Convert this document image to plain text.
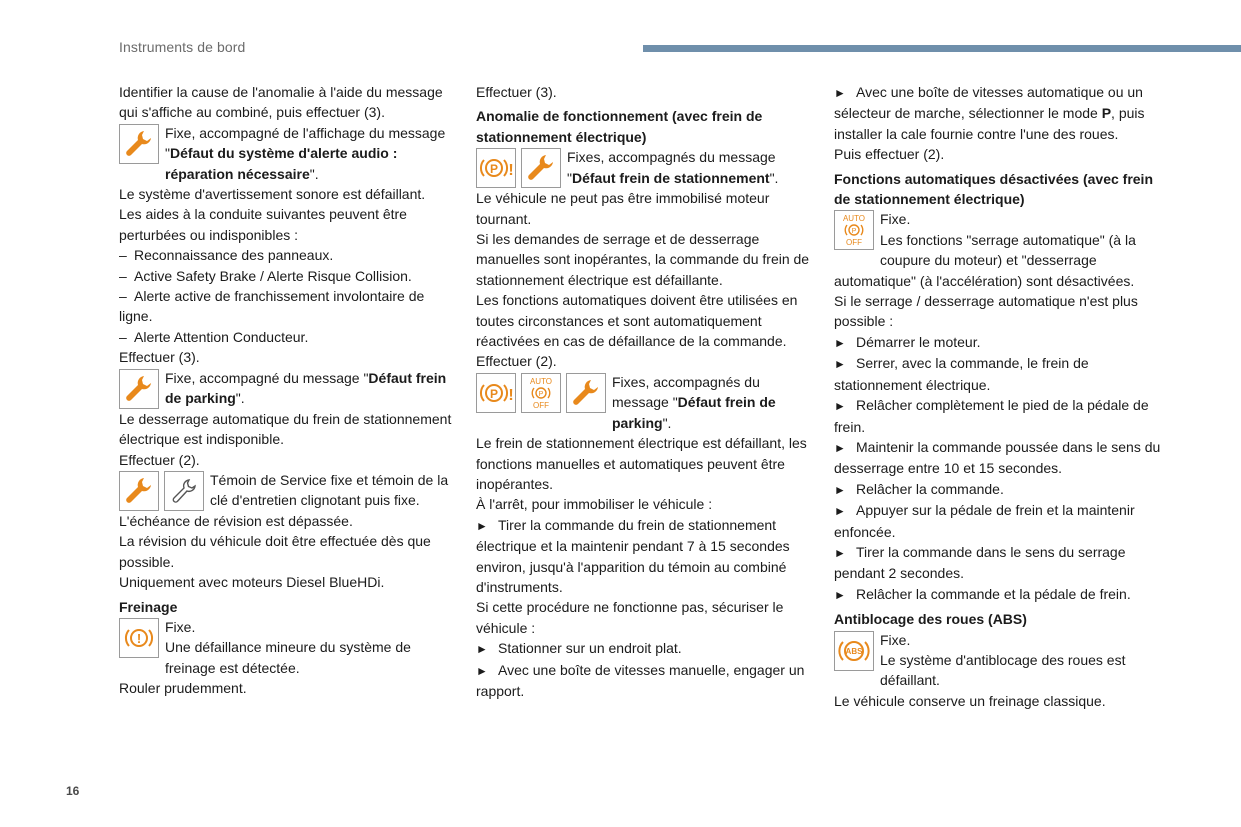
Instruments de bord

Identifier la cause de l'anomalie à l'aide du message qui s'affiche au combiné, puis effectuer (3).

Fixe, accompagné de l'affichage du message "Défaut du système d'alerte audio : réparation nécessaire".

Le système d'avertissement sonore est défaillant.

Les aides à la conduite suivantes peuvent être perturbées ou indisponibles :

– Reconnaissance des panneaux.

– Active Safety Brake / Alerte Risque Collision.

– Alerte active de franchissement involontaire de ligne.

– Alerte Attention Conducteur.

Effectuer (3).

Fixe, accompagné du message "Défaut frein de parking".

Le desserrage automatique du frein de stationnement électrique est indisponible.

Effectuer (2).

Témoin de Service fixe et témoin de la clé d'entretien clignotant puis fixe.

L'échéance de révision est dépassée.

La révision du véhicule doit être effectuée dès que possible.

Uniquement avec moteurs Diesel BlueHDi.

Freinage
!
Fixe.
Une défaillance mineure du système de freinage est détectée.

Rouler prudemment.

Effectuer (3).

Anomalie de fonctionnement (avec frein de stationnement électrique)
P !
Fixes, accompagnés du message "Défaut frein de stationnement".

Le véhicule ne peut pas être immobilisé moteur tournant.

Si les demandes de serrage et de desserrage manuelles sont inopérantes, la commande du frein de stationnement électrique est défaillante.

Les fonctions automatiques doivent être utilisées en toutes circonstances et sont automatiquement réactivées en cas de défaillance de la commande.

Effectuer (2).

P !
AUTO
P
OFF
Fixes, accompagnés du message "Défaut frein de parking".

Le frein de stationnement électrique est défaillant, les fonctions manuelles et automatiques peuvent être inopérantes.

À l'arrêt, pour immobiliser le véhicule :

► Tirer la commande du frein de stationnement électrique et la maintenir pendant 7 à 15 secondes environ, jusqu'à l'apparition du témoin au combiné d'instruments.

Si cette procédure ne fonctionne pas, sécuriser le véhicule :

► Stationner sur un endroit plat.

► Avec une boîte de vitesses manuelle, engager un rapport.

► Avec une boîte de vitesses automatique ou un sélecteur de marche, sélectionner le mode P, puis installer la cale fournie contre l'une des roues.

Puis effectuer (2).

Fonctions automatiques désactivées (avec frein de stationnement électrique)
AUTO
P
OFF
Fixe.
Les fonctions "serrage automatique" (à la coupure du moteur) et "desserrage automatique" (à l'accélération) sont désactivées.

Si le serrage / desserrage automatique n'est plus possible :

► Démarrer le moteur.

► Serrer, avec la commande, le frein de stationnement électrique.

► Relâcher complètement le pied de la pédale de frein.

► Maintenir la commande poussée dans le sens du desserrage entre 10 et 15 secondes.

► Relâcher la commande.

► Appuyer sur la pédale de frein et la maintenir enfoncée.

► Tirer la commande dans le sens du serrage pendant 2 secondes.

► Relâcher la commande et la pédale de frein.

Antiblocage des roues (ABS)
ABS
Fixe.
Le système d'antiblocage des roues est défaillant.

Le véhicule conserve un freinage classique.

16
